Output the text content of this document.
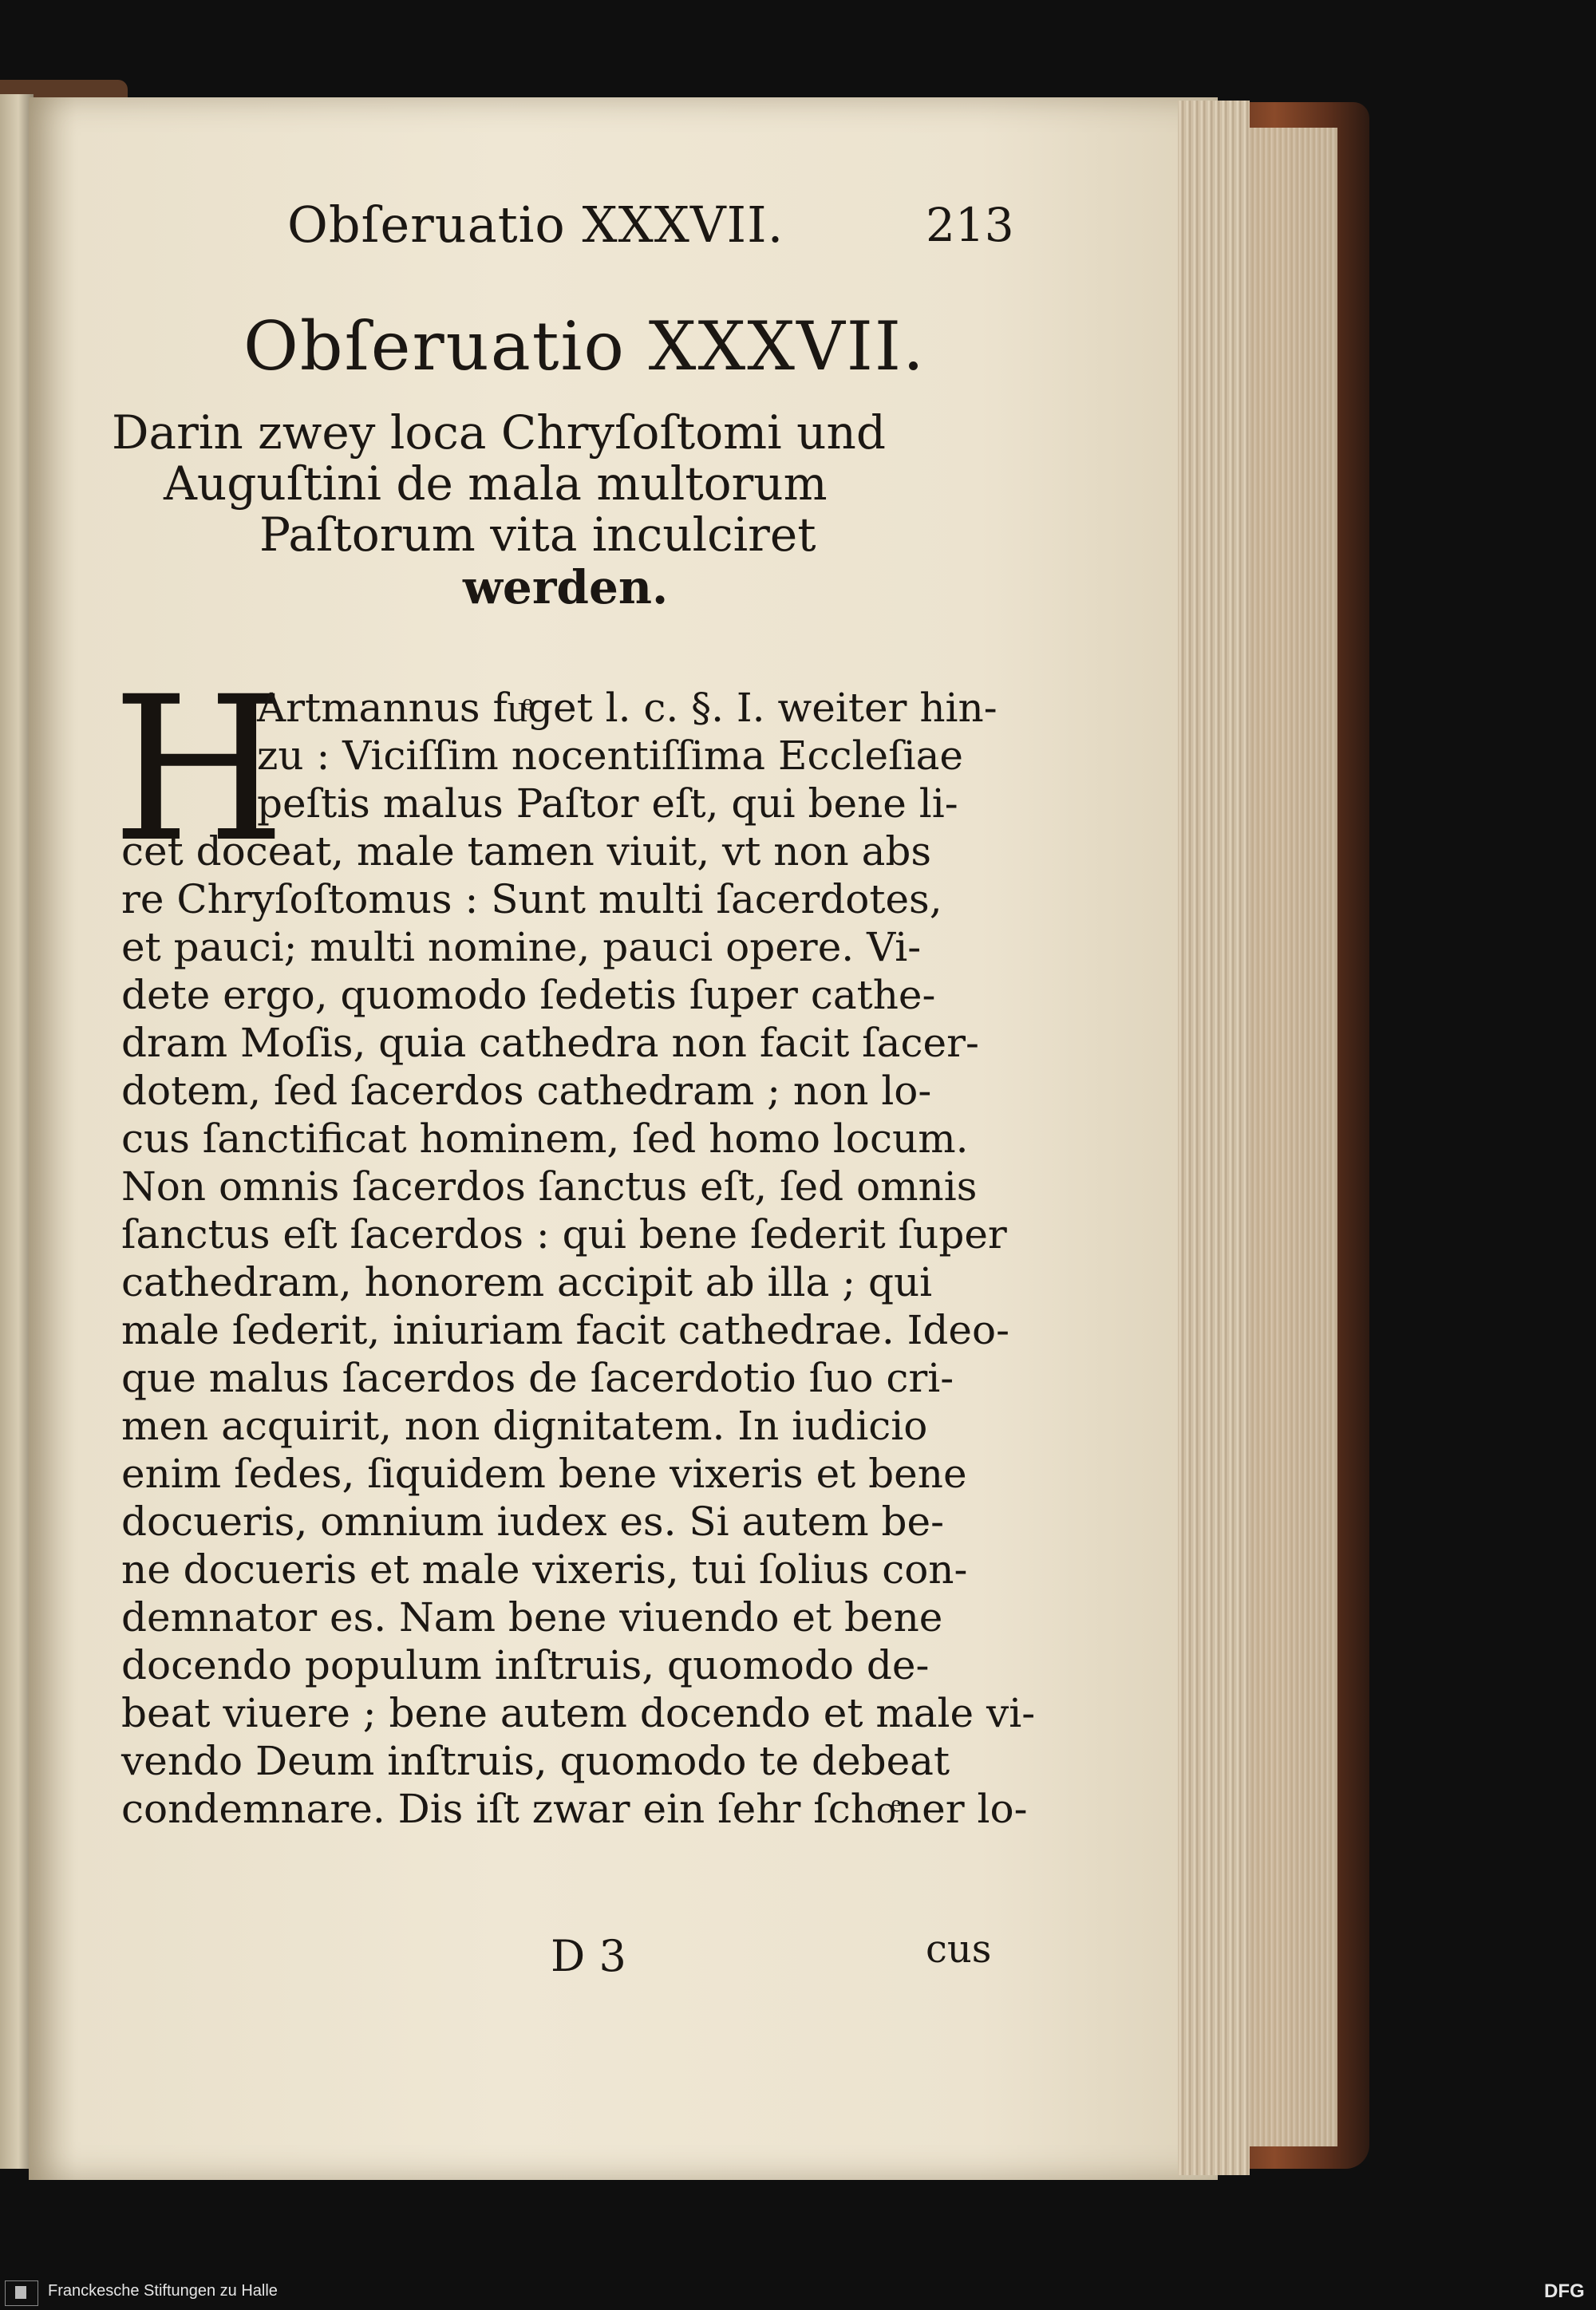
Obſeruatio XXXVII.	213
Obſeruatio XXXVII.
Darin zwey loca Chryſoſtomi und
Auguſtini de mala multorum
Paſtorum vita inculciret
werden.
H
Artmannus fuͤget l. c. §. I. weiter hin-
zu : Viciſſim nocentiſſima Eccleſiae
peſtis malus Paſtor eſt, qui bene li-
cet doceat, male tamen viuit, vt non abs
re Chryſoſtomus : Sunt multi ſacerdotes,
et pauci; multi nomine, pauci opere. Vi-
dete ergo, quomodo ſedetis ſuper cathe-
dram Moſis, quia cathedra non facit ſacer-
dotem, ſed ſacerdos cathedram ; non lo-
cus ſanctificat hominem, ſed homo locum.
Non omnis ſacerdos ſanctus eſt, ſed omnis
ſanctus eſt ſacerdos : qui bene ſederit ſuper
cathedram, honorem accipit ab illa ; qui
male ſederit, iniuriam facit cathedrae. Ideo-
que malus ſacerdos de ſacerdotio ſuo cri-
men acquirit, non dignitatem. In iudicio
enim ſedes, ſiquidem bene vixeris et bene
docueris, omnium iudex es. Si autem be-
ne docueris et male vixeris, tui ſolius con-
demnator es. Nam bene viuendo et bene
docendo populum inſtruis, quomodo de-
beat viuere ; bene autem docendo et male vi-
vendo Deum inſtruis, quomodo te debeat
condemnare. Dis iſt zwar ein ſehr ſchoͤner lo-
D 3	cus
Franckesche Stiftungen zu Halle	DFG
